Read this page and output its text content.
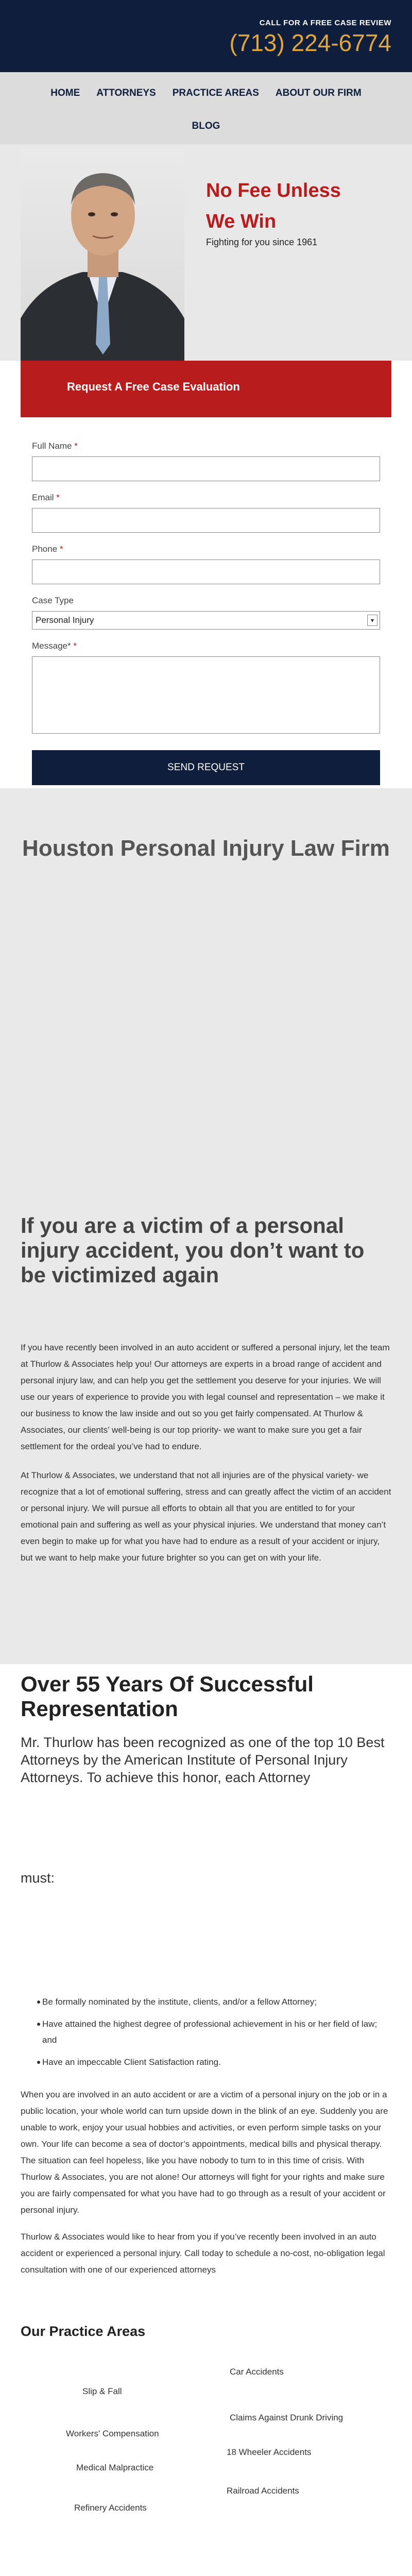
CALL FOR A FREE CASE REVIEW
(713) 224-6774
HOME	ATTORNEYS	PRACTICE AREAS	ABOUT OUR FIRM
BLOG
No Fee Unless
We Win
Fighting for you since 1961
Request A Free Case Evaluation
Full Name *
Email *
Phone *
Case Type
Personal Injury	▾
Message* *
SEND REQUEST
Houston Personal Injury Law Firm
If you are a victim of a personal injury accident, you don’t want to be victimized again

If you have recently been involved in an auto accident or suffered a personal injury, let the team at Thurlow & Associates help you! Our attorneys are experts in a broad range of accident and personal injury law, and can help you get the settlement you deserve for your injuries. We will use our years of experience to provide you with legal counsel and representation – we make it our business to know the law inside and out so you get fairly compensated. At Thurlow & Associates, our clients’ well-being is our top priority- we want to make sure you get a fair settlement for the ordeal you’ve had to endure.

At Thurlow & Associates, we understand that not all injuries are of the physical variety- we recognize that a lot of emotional suffering, stress and can greatly affect the victim of an accident or personal injury. We will pursue all efforts to obtain all that you are entitled to for your emotional pain and suffering as well as your physical injuries. We understand that money can’t even begin to make up for what you have had to endure as a result of your accident or injury, but we want to help make your future brighter so you can get on with your life.

Over 55 Years Of Successful Representation
Mr. Thurlow has been recognized as one of the top 10 Best Attorneys by the American Institute of Personal Injury Attorneys. To achieve this honor, each Attorney
must:
Be formally nominated by the institute, clients, and/or a fellow Attorney;
Have attained the highest degree of professional achievement in his or her field of law; and
Have an impeccable Client Satisfaction rating.

When you are involved in an auto accident or are a victim of a personal injury on the job or in a public location, your whole world can turn upside down in the blink of an eye. Suddenly you are unable to work, enjoy your usual hobbies and activities, or even perform simple tasks on your own. Your life can become a sea of doctor’s appointments, medical bills and physical therapy. The situation can feel hopeless, like you have nobody to turn to in this time of crisis. With Thurlow & Associates, you are not alone! Our attorneys will fight for your rights and make sure you are fairly compensated for what you have had to go through as a result of your accident or personal injury.

Thurlow & Associates would like to hear from you if you’ve recently been involved in an auto accident or experienced a personal injury. Call today to schedule a no-cost, no-obligation legal consultation with one of our experienced attorneys

Our Practice Areas
Car Accidents
Slip & Fall
Claims Against Drunk Driving
Workers' Compensation
18 Wheeler Accidents
Medical Malpractice
Railroad Accidents
Refinery Accidents
